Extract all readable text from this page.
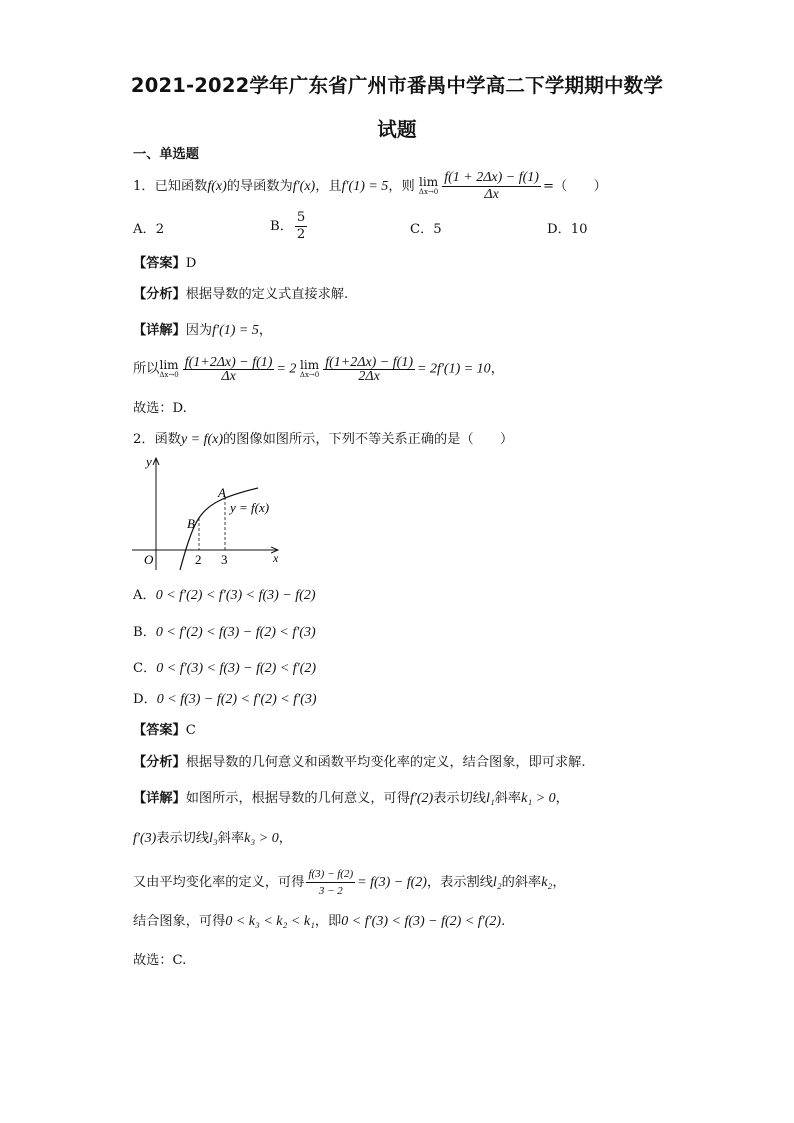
2021-2022学年广东省广州市番禺中学高二下学期期中数学
试题
一、单选题
1．已知函数f(x)的导函数为f′(x)，且f′(1) = 5，则 lim
$\Delta x\to 0 \frac{f(1 + 2\Delta x) - f(1)}{\Delta x}$ =（　　）
A．2	B． $\frac{5}{2}$	C．5	D．10
【答案】D
【分析】根据导数的定义式直接求解.
【详解】因为f′(1) = 5，
所以lim
$\Delta x\to 0 \frac{f(1+2\Delta x) - f(1)}{\Delta x} = 2$ lim
$\Delta x\to 0 \frac{f(1+2\Delta x) - f(1)}{2\Delta x} = 2f'(1) = 10$，
故选：D.
2．函数y = f(x)的图像如图所示，下列不等关系正确的是（　　）
y
x
O
A
B
2 3
y = f(x)
A．0 < f′(2) < f′(3) < f(3) − f(2)
B．0 < f′(2) < f(3) − f(2) < f′(3)
C．0 < f′(3) < f(3) − f(2) < f′(2)
D．0 < f(3) − f(2) < f′(2) < f′(3)
【答案】C
【分析】根据导数的几何意义和函数平均变化率的定义，结合图象，即可求解.
【详解】如图所示，根据导数的几何意义，可得f′(2)表示切线l₁斜率k₁ > 0，
f′(3)表示切线l₃斜率k₃ > 0，
又由平均变化率的定义，可得 $\frac{f(3) - f(2)}{3 - 2} = f(3) - f(2)$，表示割线l₂的斜率k₂，
结合图象，可得0 < k₃ < k₂ < k₁，即0 < f′(3) < f(3) − f(2) < f′(2).
故选：C.
